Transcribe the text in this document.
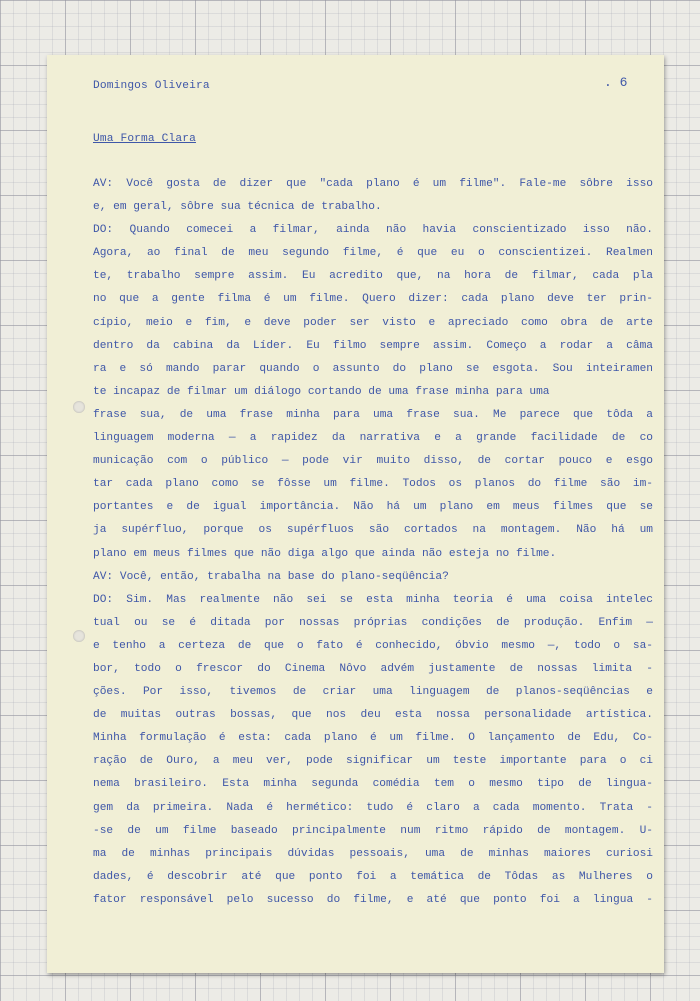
Domingos Oliveira	. 6
Uma Forma Clara
AV: Você gosta de dizer que "cada plano é um filme". Fale-me sôbre isso
e, em geral, sôbre sua técnica de trabalho.
DO: Quando comecei a filmar, ainda não havia conscientizado isso não.
Agora, ao final de meu segundo filme, é que eu o conscientizei. Realmen
te, trabalho sempre assim. Eu acredito que, na hora de filmar, cada pla
no que a gente filma é um filme. Quero dizer: cada plano deve ter prin-
cípio, meio e fim, e deve poder ser visto e apreciado como obra de arte
dentro da cabina da Líder. Eu filmo sempre assim. Começo a rodar a câma
ra e só mando parar quando o assunto do plano se esgota. Sou inteiramen
te incapaz de filmar um diálogo cortando de uma frase minha para uma
frase sua, de uma frase minha para uma frase sua. Me parece que tôda a
linguagem moderna — a rapidez da narrativa e a grande facilidade de co
municação com o público — pode vir muito disso, de cortar pouco e esgo
tar cada plano como se fôsse um filme. Todos os planos do filme são im-
portantes e de igual importância. Não há um plano em meus filmes que se
ja supérfluo, porque os supérfluos são cortados na montagem. Não há um
plano em meus filmes que não diga algo que ainda não esteja no filme.
AV: Você, então, trabalha na base do plano-seqüência?
DO: Sim. Mas realmente não sei se esta minha teoria é uma coisa intelec
tual ou se é ditada por nossas próprias condições de produção. Enfim —
e tenho a certeza de que o fato é conhecido, óbvio mesmo —, todo o sa-
bor, todo o frescor do Cinema Nôvo advém justamente de nossas limita -
ções. Por isso, tivemos de criar uma linguagem de planos-seqüências e
de muitas outras bossas, que nos deu esta nossa personalidade artística.
Minha formulação é esta: cada plano é um filme. O lançamento de Edu, Co-
ração de Ouro, a meu ver, pode significar um teste importante para o ci
nema brasileiro. Esta minha segunda comédia tem o mesmo tipo de lingua-
gem da primeira. Nada é hermético: tudo é claro a cada momento. Trata -
-se de um filme baseado principalmente num ritmo rápido de montagem. U-
ma de minhas principais dúvidas pessoais, uma de minhas maiores curiosi
dades, é descobrir até que ponto foi a temática de Tôdas as Mulheres o
fator responsável pelo sucesso do filme, e até que ponto foi a lingua -
